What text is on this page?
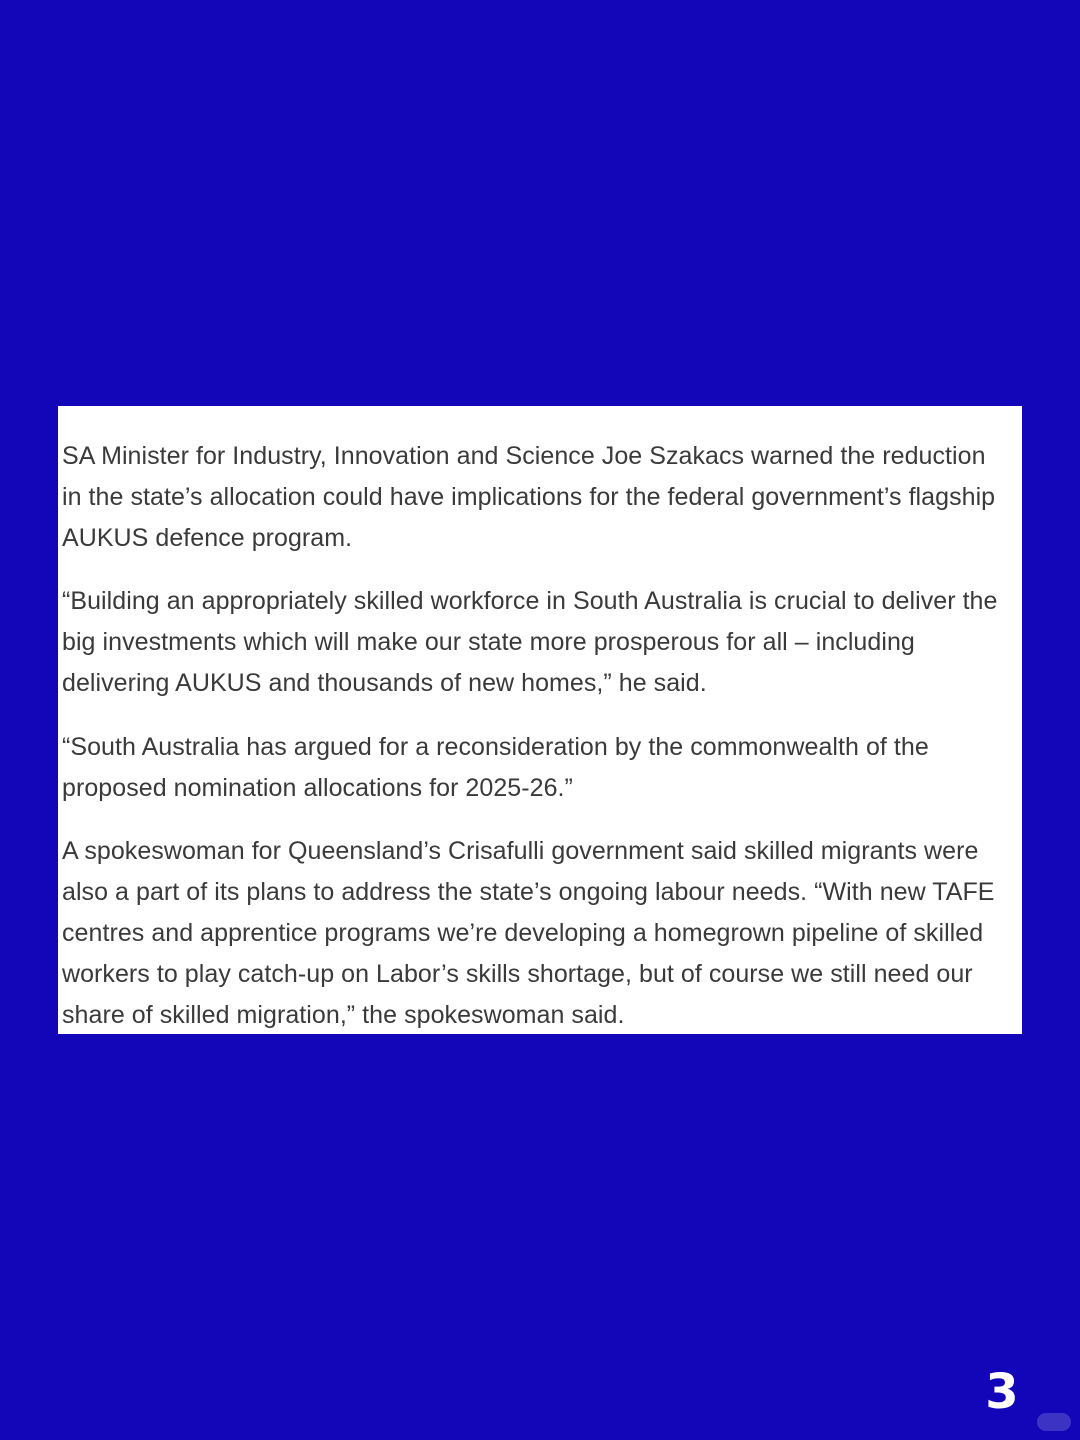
SA Minister for Industry, Innovation and Science Joe Szakacs warned the reduction in the state’s allocation could have implications for the federal government’s flagship AUKUS defence program.

“Building an appropriately skilled workforce in South Australia is crucial to deliver the big investments which will make our state more prosperous for all – including delivering AUKUS and thousands of new homes,” he said.

“South Australia has argued for a reconsideration by the commonwealth of the proposed nomination allocations for 2025-26.”

A spokeswoman for Queensland’s Crisafulli government said skilled migrants were also a part of its plans to address the state’s ongoing labour needs. “With new TAFE centres and apprentice programs we’re developing a homegrown pipeline of skilled workers to play catch-up on Labor’s skills shortage, but of course we still need our share of skilled migration,” the spokeswoman said.

3
